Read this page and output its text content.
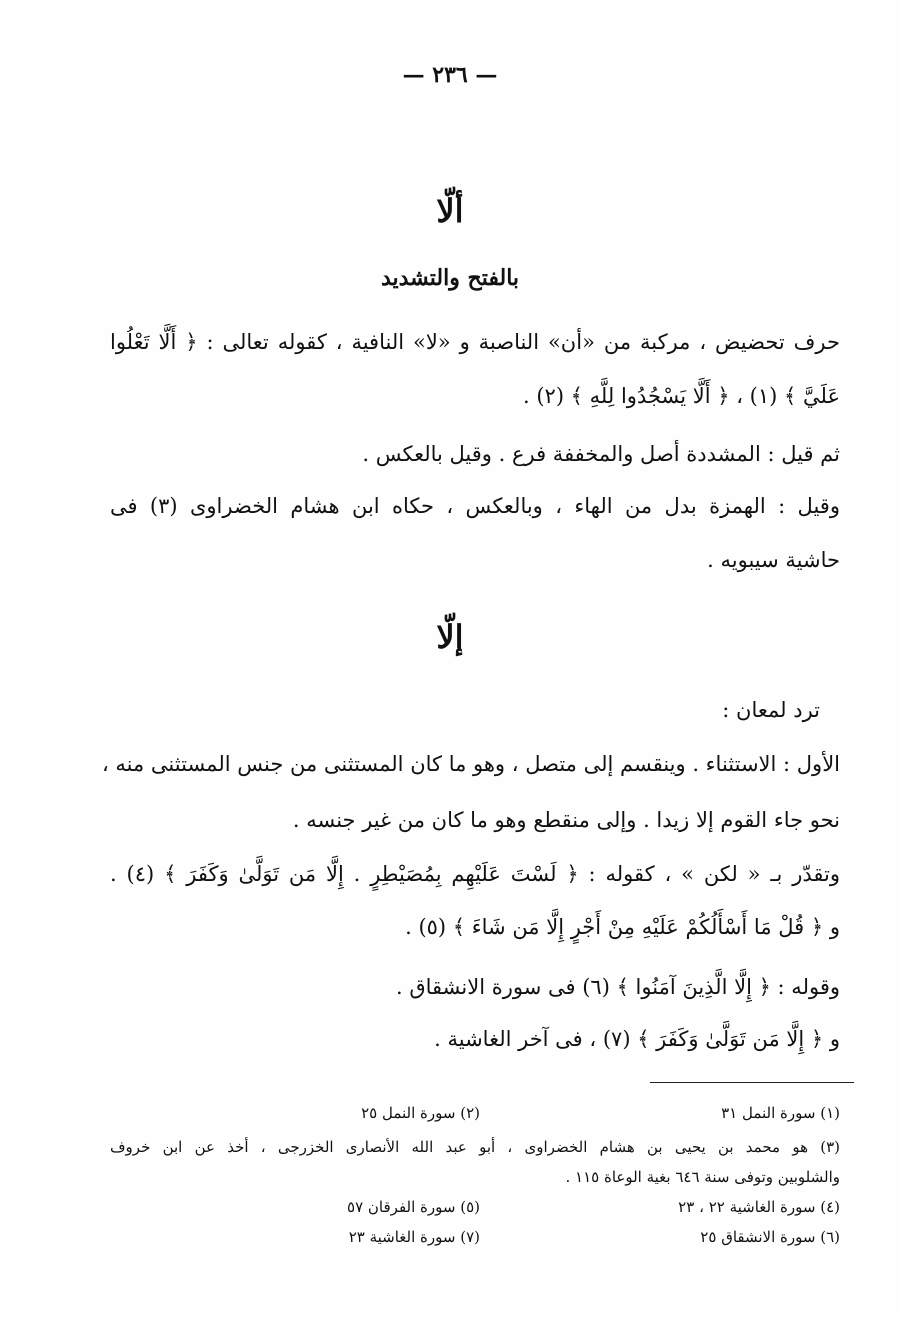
— ٢٣٦ —
ألّا
بالفتح والتشديد
حرف تحضيض ، مركبة من «أن» الناصبة و «لا» النافية ، كقوله تعالى : ﴿ أَلَّا تَعْلُوا
عَلَيَّ ﴾ (١) ، ﴿ أَلَّا يَسْجُدُوا لِلَّهِ ﴾ (٢) .
ثم قيل : المشددة أصل والمخففة فرع . وقيل بالعكس .
وقيل : الهمزة بدل من الهاء ، وبالعكس ، حكاه ابن هشام الخضراوى (٣) فى
حاشية سيبويه .
إلّا
ترد لمعان :
الأول : الاستثناء . وينقسم إلى متصل ، وهو ما كان المستثنى من جنس المستثنى منه ،
نحو جاء القوم إلا زيدا . وإلى منقطع وهو ما كان من غير جنسه .
وتقدّر بـ « لكن » ، كقوله : ﴿ لَسْتَ عَلَيْهِم بِمُصَيْطِرٍ . إِلَّا مَن تَوَلَّىٰ وَكَفَرَ ﴾ (٤) .
و ﴿ قُلْ مَا أَسْأَلُكُمْ عَلَيْهِ مِنْ أَجْرٍ إِلَّا مَن شَاءَ ﴾ (٥) .
وقوله : ﴿ إِلَّا الَّذِينَ آمَنُوا ﴾ (٦) فى سورة الانشقاق .
و ﴿ إِلَّا مَن تَوَلَّىٰ وَكَفَرَ ﴾ (٧) ، فى آخر الغاشية .
(١) سورة النمل ٣١
(٢) سورة النمل ٢٥
(٣) هو محمد بن يحيى بن هشام الخضراوى ، أبو عبد الله الأنصارى الخزرجى ، أخذ عن ابن خروف
والشلوبين وتوفى سنة ٦٤٦ بغية الوعاة ١١٥ .
(٤) سورة الغاشية ٢٢ ، ٢٣
(٥) سورة الفرقان ٥٧
(٦) سورة الانشقاق ٢٥
(٧) سورة الغاشية ٢٣
